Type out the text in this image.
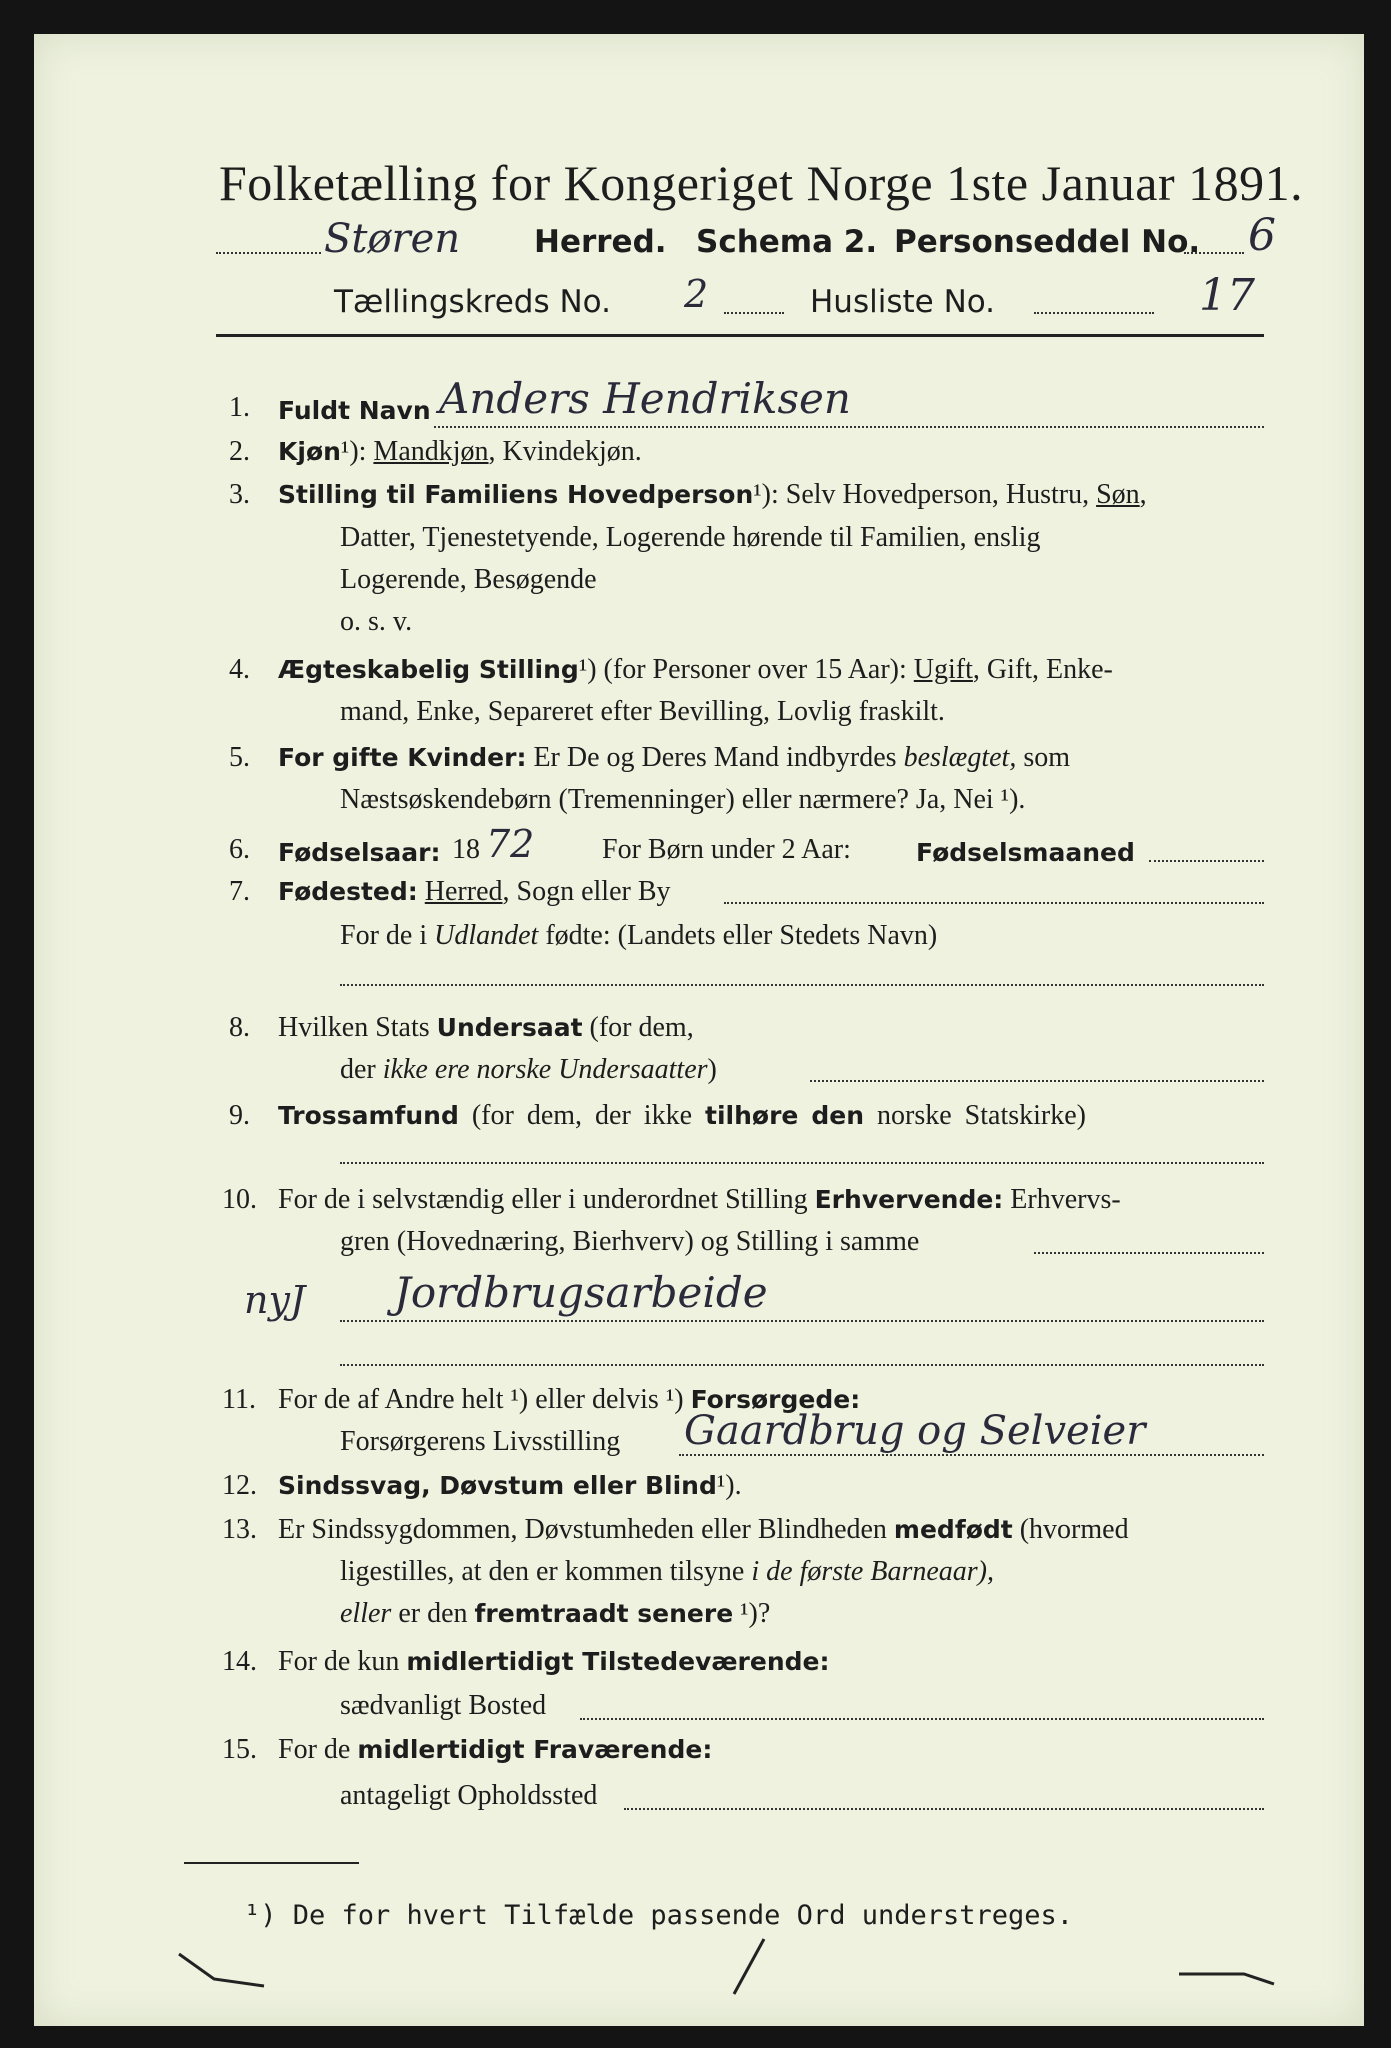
Folketælling for Kongeriget Norge 1ste Januar 1891.
Støren Herred. Schema 2. Personseddel No. 6
Tællingskreds No. 2	Husliste No.	17
1. Fuldt Navn Anders Hendriksen
2. Kjøn¹): Mandkjøn, Kvindekjøn.
3. Stilling til Familiens Hovedperson¹): Selv Hovedperson, Hustru, Søn,
Datter, Tjenestetyende, Logerende hørende til Familien, enslig
Logerende, Besøgende
o. s. v.
4. Ægteskabelig Stilling¹) (for Personer over 15 Aar): Ugift, Gift, Enke-
mand, Enke, Separeret efter Bevilling, Lovlig fraskilt.
5. For gifte Kvinder: Er De og Deres Mand indbyrdes beslægtet, som
Næstsøskendebørn (Tremenninger) eller nærmere? Ja, Nei ¹).
6. Fødselsaar: 18 72 For Børn under 2 Aar:	Fødselsmaaned
7. Fødested: Herred, Sogn eller By
For de i Udlandet fødte: (Landets eller Stedets Navn)
8. Hvilken Stats Undersaat (for dem,
der ikke ere norske Undersaatter)
9. Trossamfund (for dem, der ikke tilhøre den norske Statskirke)
10. For de i selvstændig eller i underordnet Stilling Erhvervende: Erhvervs-
gren (Hovednæring, Bierhverv) og Stilling i samme
nyJ Jordbrugsarbeide
11. For de af Andre helt ¹) eller delvis ¹) Forsørgede:
Forsørgerens Livsstilling Gaardbrug og Selveier
12. Sindssvag, Døvstum eller Blind¹).
13. Er Sindssygdommen, Døvstumheden eller Blindheden medfødt (hvormed
ligestilles, at den er kommen tilsyne i de første Barneaar),
eller er den fremtraadt senere ¹)?
14. For de kun midlertidigt Tilstedeværende:
sædvanligt Bosted
15. For de midlertidigt Fraværende:
antageligt Opholdssted
¹) De for hvert Tilfælde passende Ord understreges.
